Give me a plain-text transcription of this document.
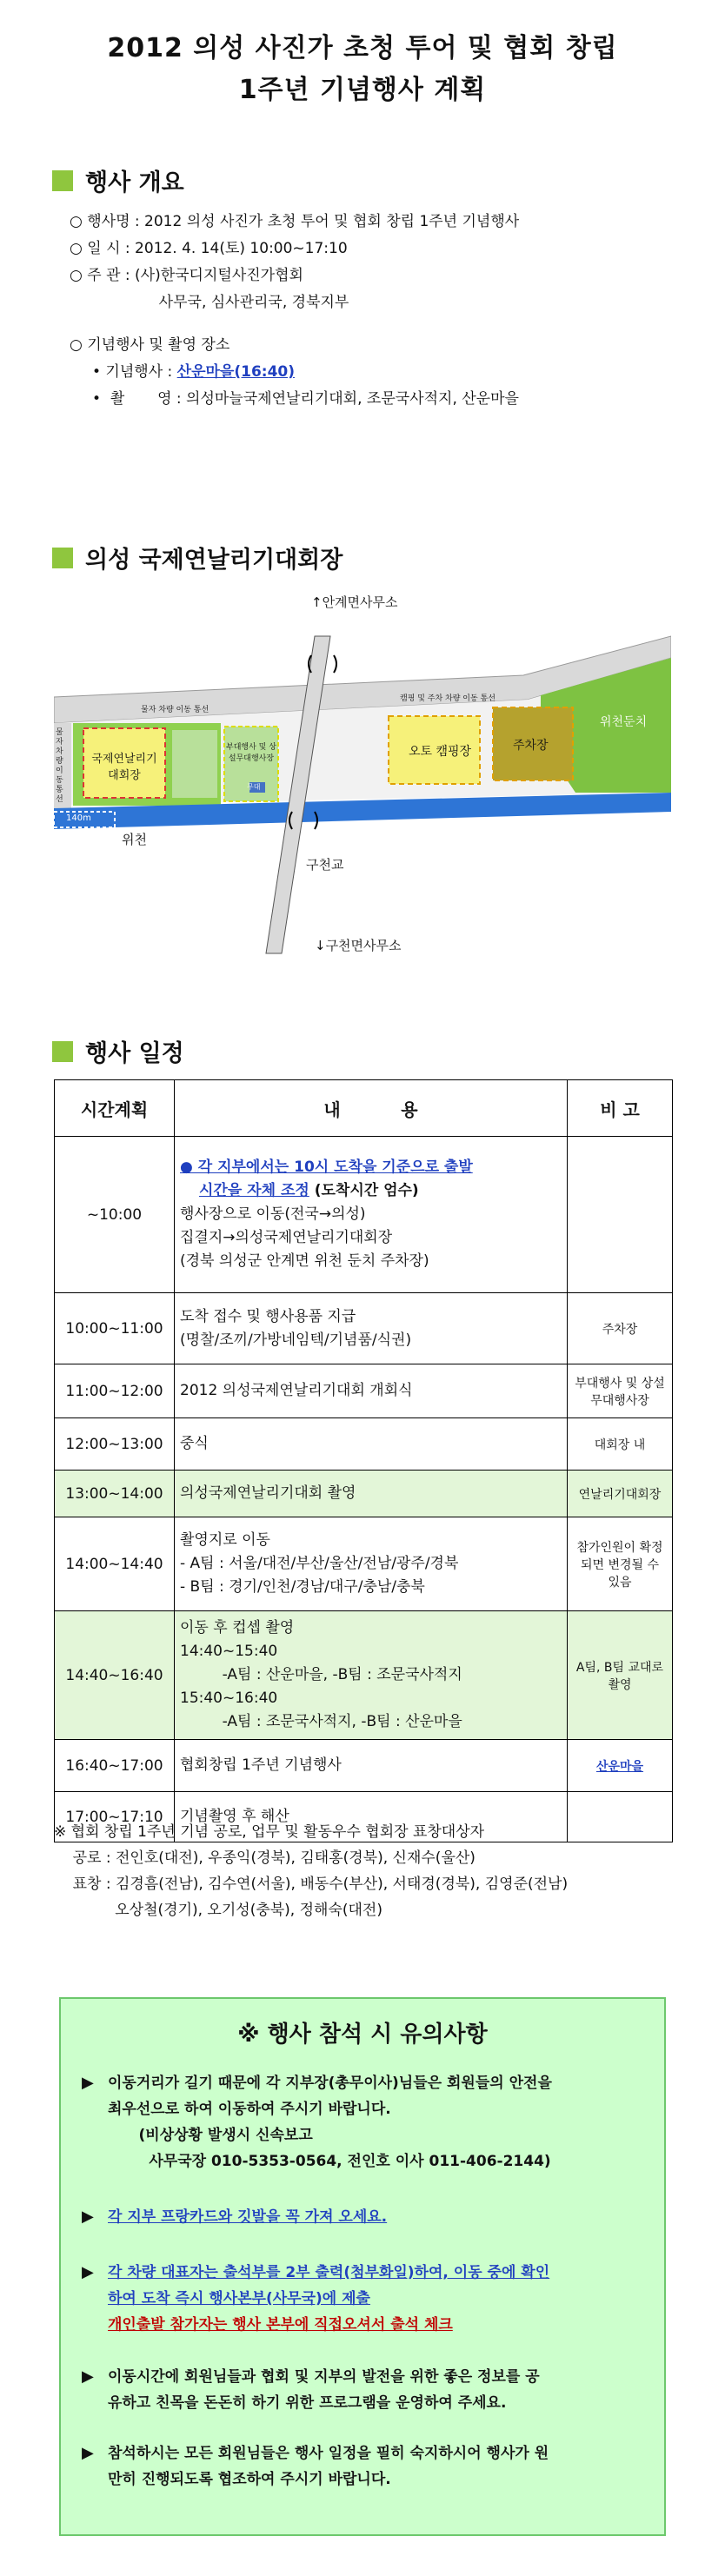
2012 의성 사진가 초청 투어 및 협회 창립
1주년 기념행사 계획
행사 개요
○ 행사명 : 2012 의성 사진가 초청 투어 및 협회 창립 1주년 기념행사
○ 일 시 : 2012. 4. 14(토) 10:00~17:10
○ 주 관 : (사)한국디지털사진가협회
사무국, 심사관리국, 경북지부
○ 기념행사 및 촬영 장소
• 기념행사 : 산운마을(16:40)
•  촬       영 : 의성마늘국제연날리기대회, 조문국사적지, 산운마을
의성 국제연날리기대회장
↑안계면사무소
↓구천면사무소
구천교
위천
위천둔치
물자 차량 이동 통선
캠핑 및 주차 차량 이동 통선
물자 차량 이동 통선
국제연날리기대회장
부대행사 및 상설무대행사장
무대
오토 캠핑장	주차장
140m
행사 일정
시간계획	내          용	비 고
~10:00	● 각 지부에서는 10시 도착을 기준으로 출발
시간을 자체 조정 (도착시간 엄수)
행사장으로 이동(전국→의성)
집결지→의성국제연날리기대회장
(경북 의성군 안계면 위천 둔치 주차장)	

10:00~11:00	도착 접수 및 행사용품 지급
(명찰/조끼/가방네임텍/기념품/식권)	주차장
11:00~12:00	2012 의성국제연날리기대회 개회식	부대행사 및 상설무대행사장
12:00~13:00	중식	대회장 내
13:00~14:00	의성국제연날리기대회 촬영	연날리기대회장
14:00~14:40	촬영지로 이동
- A팀 : 서울/대전/부산/울산/전남/광주/경북
- B팀 : 경기/인천/경남/대구/충남/충북	참가인원이 확정되면 변경될 수 있음
14:40~16:40	이동 후 컵셉 촬영
14:40~15:40
-A팀 : 산운마을, -B팀 : 조문국사적지
15:40~16:40
-A팀 : 조문국사적지, -B팀 : 산운마을	A팀, B팀 교대로 촬영
16:40~17:00	협회창립 1주년 기념행사	산운마을
17:00~17:10	기념촬영 후 해산	

※ 협회 창립 1주년 기념 공로, 업무 및 활동우수 협회장 표창대상자
공로 : 전인호(대전), 우종익(경북), 김태홍(경북), 신재수(울산)
표창 : 김경흠(전남), 김수연(서울), 배동수(부산), 서태경(경북), 김영준(전남)
오상철(경기), 오기성(충북), 정해숙(대전)
※ 행사 참석 시 유의사항
▶ 이동거리가 길기 때문에 각 지부장(총무이사)님들은 회원들의 안전을
최우선으로 하여 이동하여 주시기 바랍니다.
(비상상황 발생시 신속보고
사무국장 010-5353-0564, 전인호 이사 011-406-2144)
▶ 각 지부 프랑카드와 깃발을 꼭 가져 오세요.
▶ 각 차량 대표자는 출석부를 2부 출력(첨부화일)하여, 이동 중에 확인
하여 도착 즉시 행사본부(사무국)에 제출
개인출발 참가자는 행사 본부에 직접오셔서 출석 체크
▶ 이동시간에 회원님들과 협회 및 지부의 발전을 위한 좋은 정보를 공
유하고 친목을 돈돈히 하기 위한 프로그램을 운영하여 주세요.
▶ 참석하시는 모든 회원님들은 행사 일정을 필히 숙지하시어 행사가 원
만히 진행되도록 협조하여 주시기 바랍니다.
